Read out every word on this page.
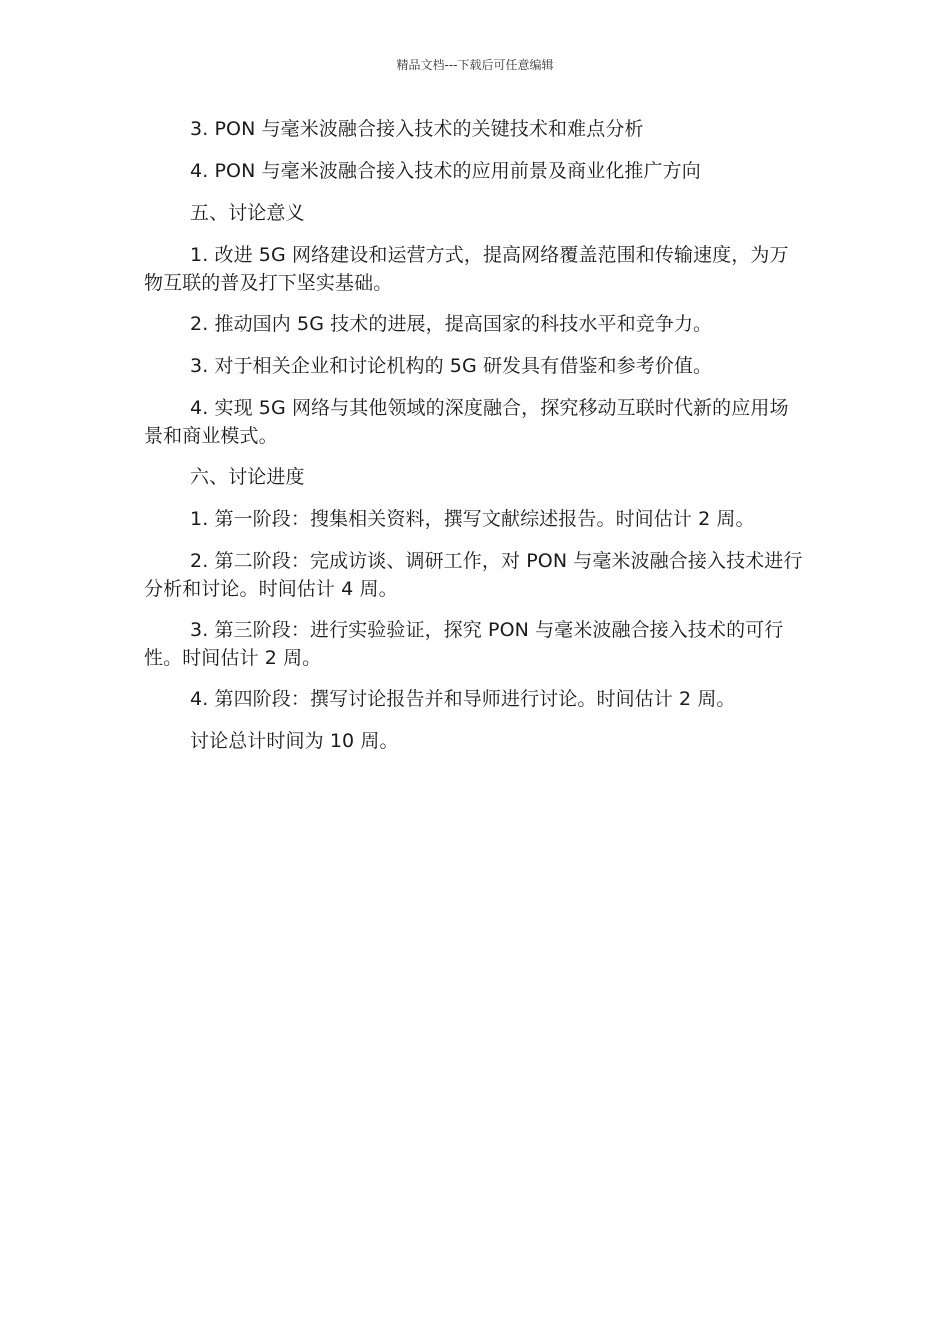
精品文档---下载后可任意编辑

3. PON 与毫米波融合接入技术的关键技术和难点分析

4. PON 与毫米波融合接入技术的应用前景及商业化推广方向

五、讨论意义

1. 改进 5G 网络建设和运营方式，提高网络覆盖范围和传输速度，为万物互联的普及打下坚实基础。

2. 推动国内 5G 技术的进展，提高国家的科技水平和竞争力。

3. 对于相关企业和讨论机构的 5G 研发具有借鉴和参考价值。

4. 实现 5G 网络与其他领域的深度融合，探究移动互联时代新的应用场景和商业模式。

六、讨论进度

1. 第一阶段：搜集相关资料，撰写文献综述报告。时间估计 2 周。

2. 第二阶段：完成访谈、调研工作，对 PON 与毫米波融合接入技术进行分析和讨论。时间估计 4 周。

3. 第三阶段：进行实验验证，探究 PON 与毫米波融合接入技术的可行性。时间估计 2 周。

4. 第四阶段：撰写讨论报告并和导师进行讨论。时间估计 2 周。

讨论总计时间为 10 周。
